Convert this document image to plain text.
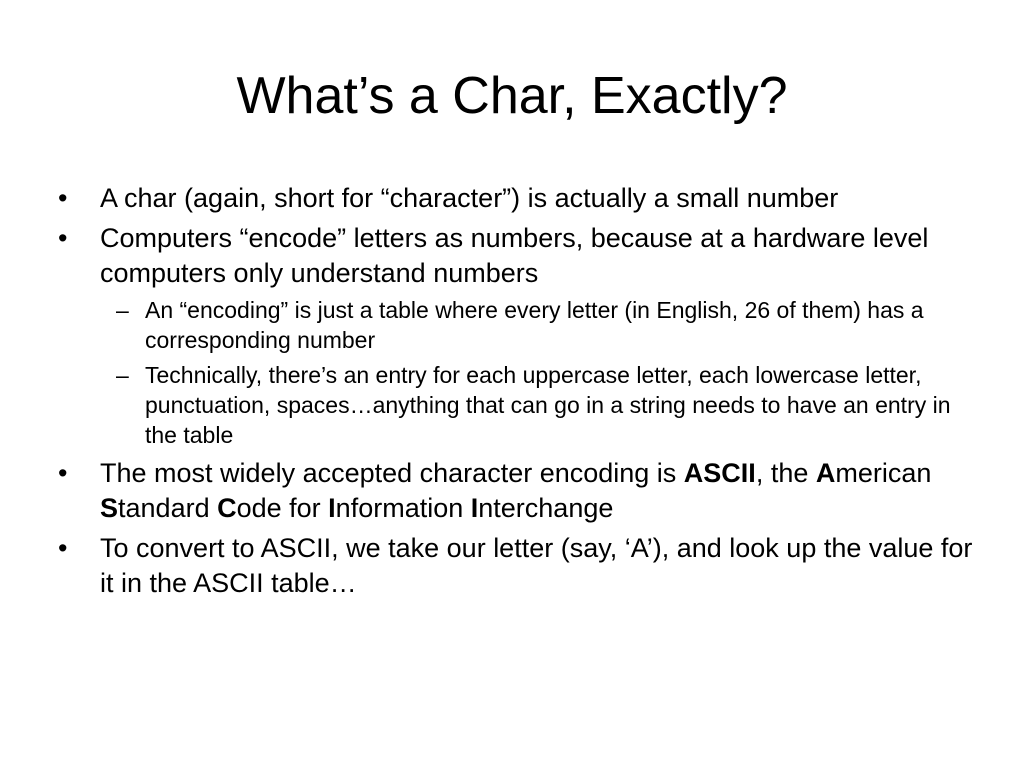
What’s a Char, Exactly?
•	A char (again, short for “character”) is actually a small number
•	Computers “encode” letters as numbers, because at a hardware level computers only understand numbers
– An “encoding” is just a table where every letter (in English, 26 of them) has a corresponding number
– Technically, there’s an entry for each uppercase letter, each lowercase letter, punctuation, spaces…anything that can go in a string needs to have an entry in the table
•	The most widely accepted character encoding is ASCII, the American Standard Code for Information Interchange
•	To convert to ASCII, we take our letter (say, ‘A’), and look up the value for it in the ASCII table…
